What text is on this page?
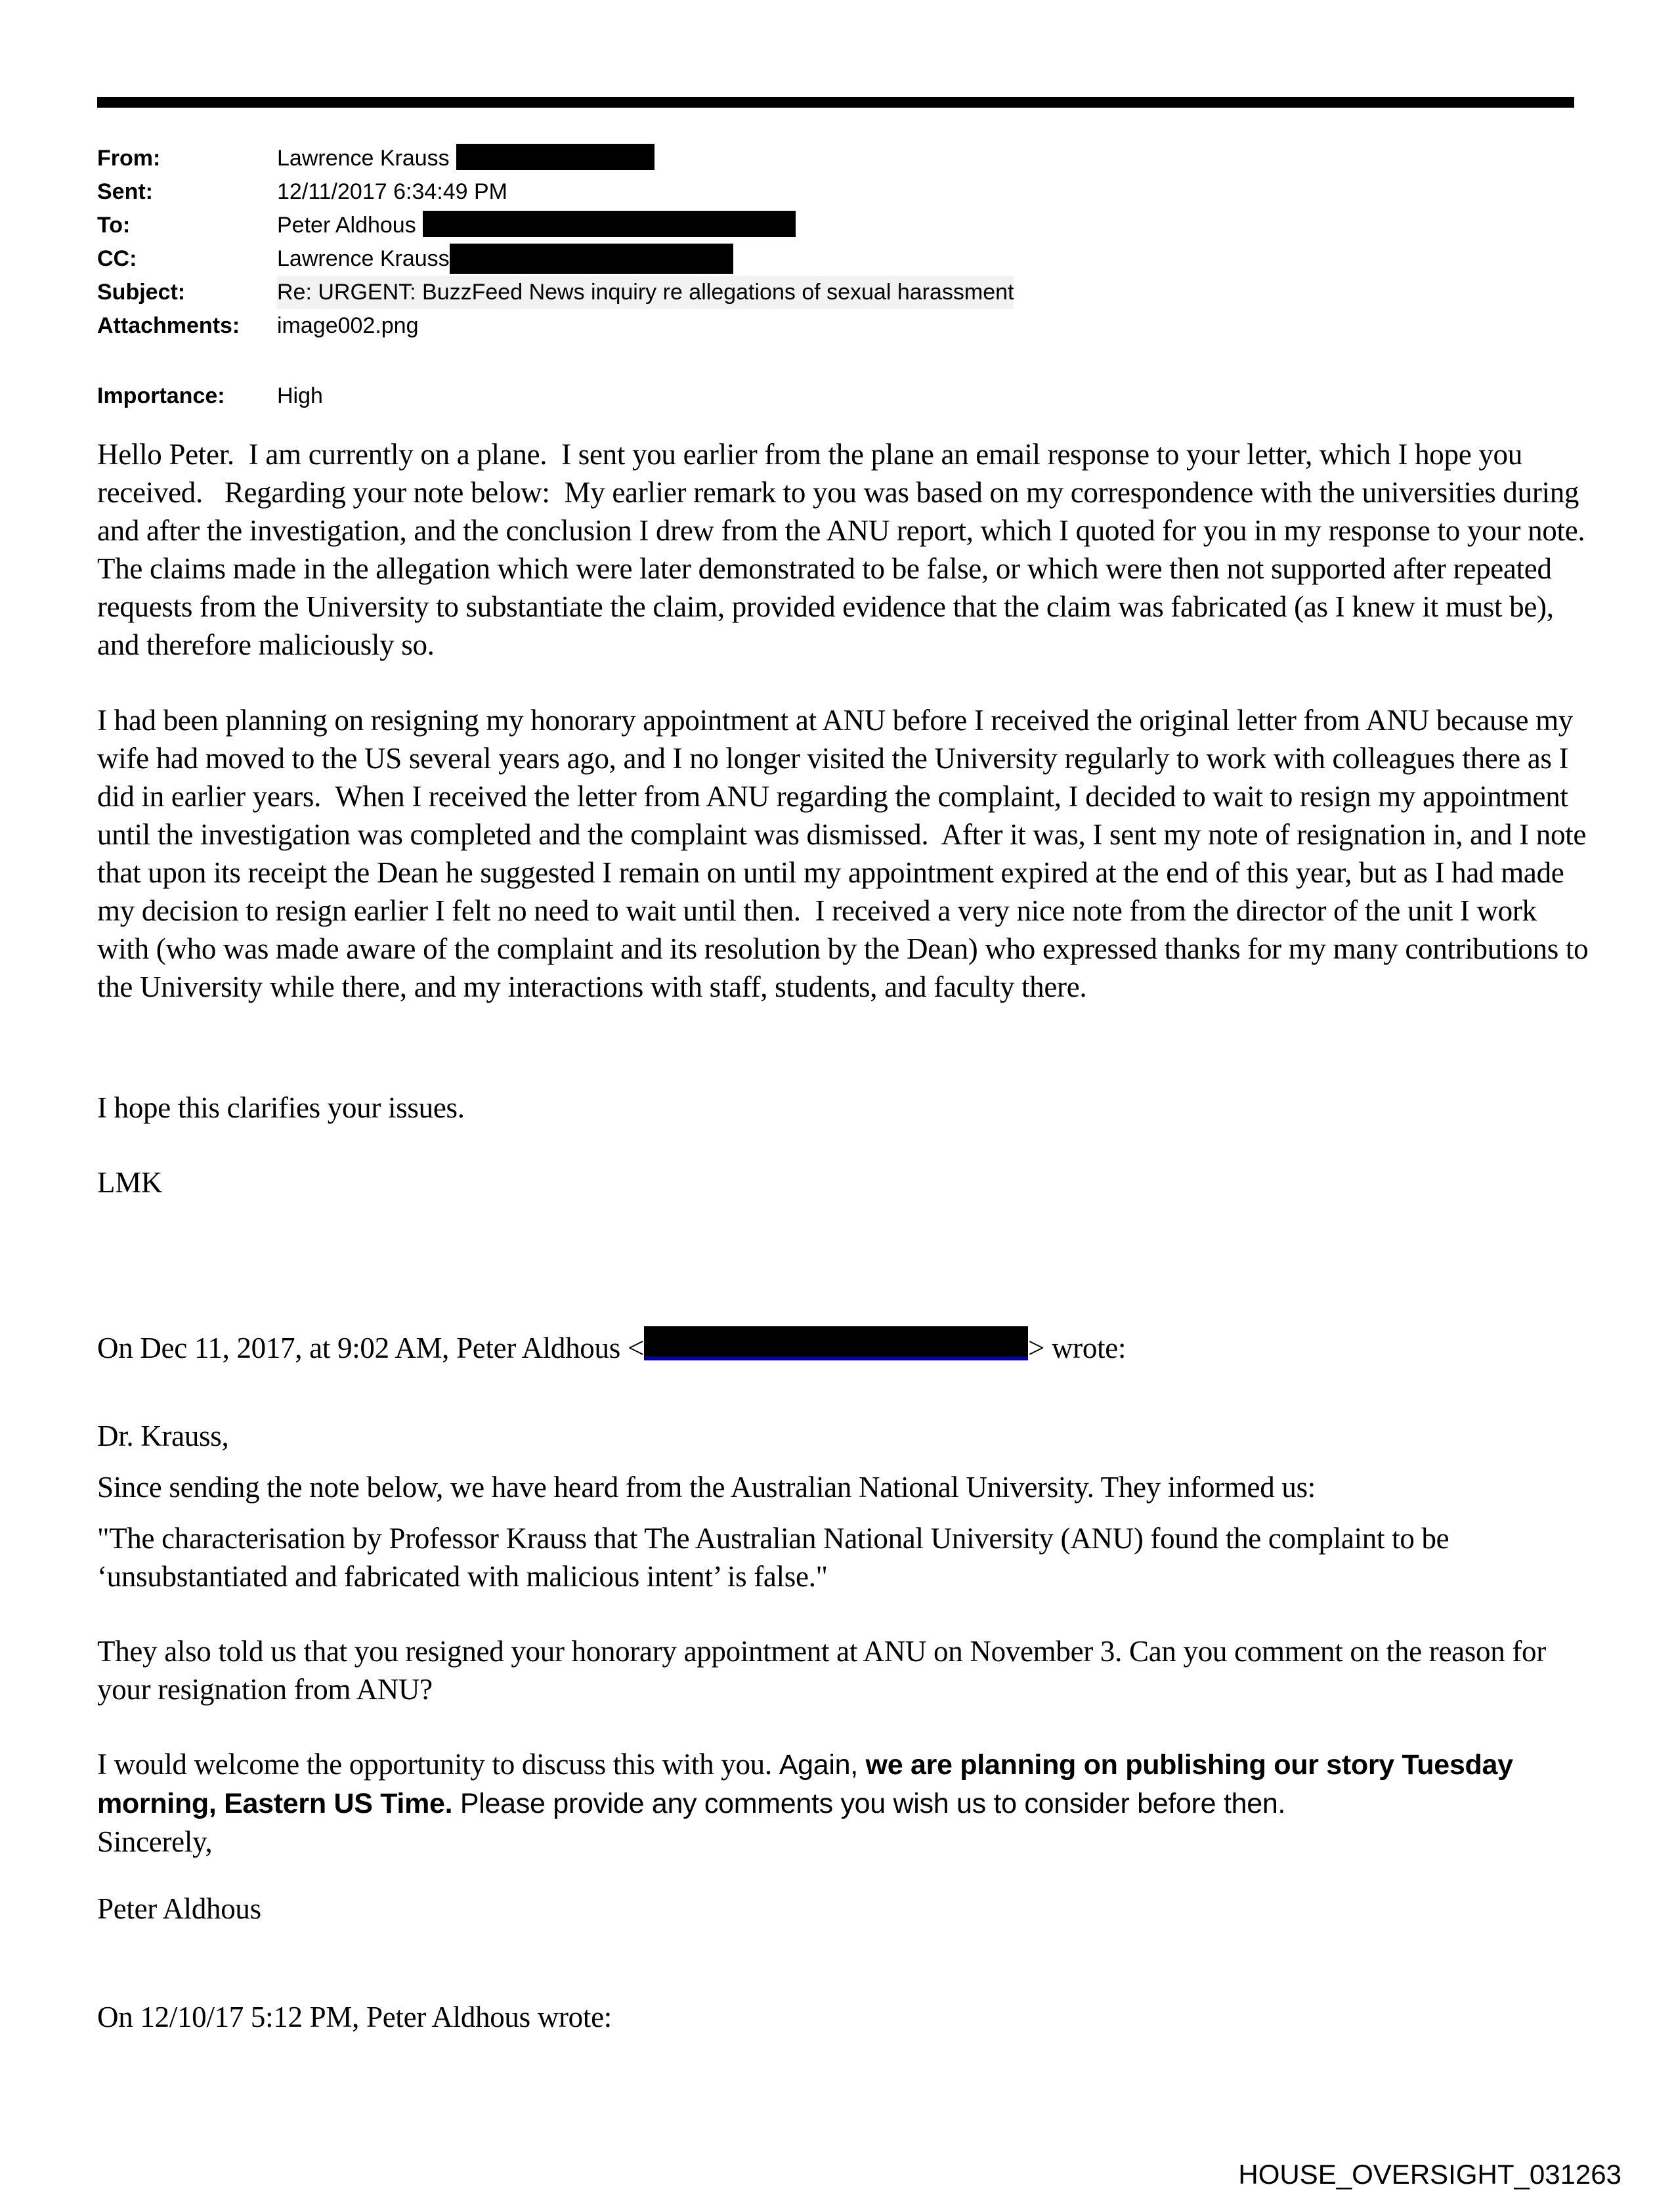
From:	Lawrence Krauss
Sent:	12/11/2017 6:34:49 PM
To:	Peter Aldhous
CC:	Lawrence Krauss
Subject:	Re: URGENT: BuzzFeed News inquiry re allegations of sexual harassment
Attachments:	image002.png
Importance:	High
Hello Peter.  I am currently on a plane.  I sent you earlier from the plane an email response to your letter, which I hope you received.   Regarding your note below:  My earlier remark to you was based on my correspondence with the universities during and after the investigation, and the conclusion I drew from the ANU report, which I quoted for you in my response to your note. The claims made in the allegation which were later demonstrated to be false, or which were then not supported after repeated requests from the University to substantiate the claim, provided evidence that the claim was fabricated (as I knew it must be), and therefore maliciously so.
I had been planning on resigning my honorary appointment at ANU before I received the original letter from ANU because my wife had moved to the US several years ago, and I no longer visited the University regularly to work with colleagues there as I did in earlier years.  When I received the letter from ANU regarding the complaint, I decided to wait to resign my appointment until the investigation was completed and the complaint was dismissed.  After it was, I sent my note of resignation in, and I note that upon its receipt the Dean he suggested I remain on until my appointment expired at the end of this year, but as I had made my decision to resign earlier I felt no need to wait until then.  I received a very nice note from the director of the unit I work with (who was made aware of the complaint and its resolution by the Dean) who expressed thanks for my many contributions to the University while there, and my interactions with staff, students, and faculty there.
I hope this clarifies your issues.
LMK
On Dec 11, 2017, at 9:02 AM, Peter Aldhous <	> wrote:
Dr. Krauss,
Since sending the note below, we have heard from the Australian National University. They informed us:
"The characterisation by Professor Krauss that The Australian National University (ANU) found the complaint to be ‘unsubstantiated and fabricated with malicious intent’ is false."
They also told us that you resigned your honorary appointment at ANU on November 3. Can you comment on the reason for your resignation from ANU?
I would welcome the opportunity to discuss this with you. Again, we are planning on publishing our story Tuesday morning, Eastern US Time. Please provide any comments you wish us to consider before then.
Sincerely,
Peter Aldhous
On 12/10/17 5:12 PM, Peter Aldhous wrote:
HOUSE_OVERSIGHT_031263
